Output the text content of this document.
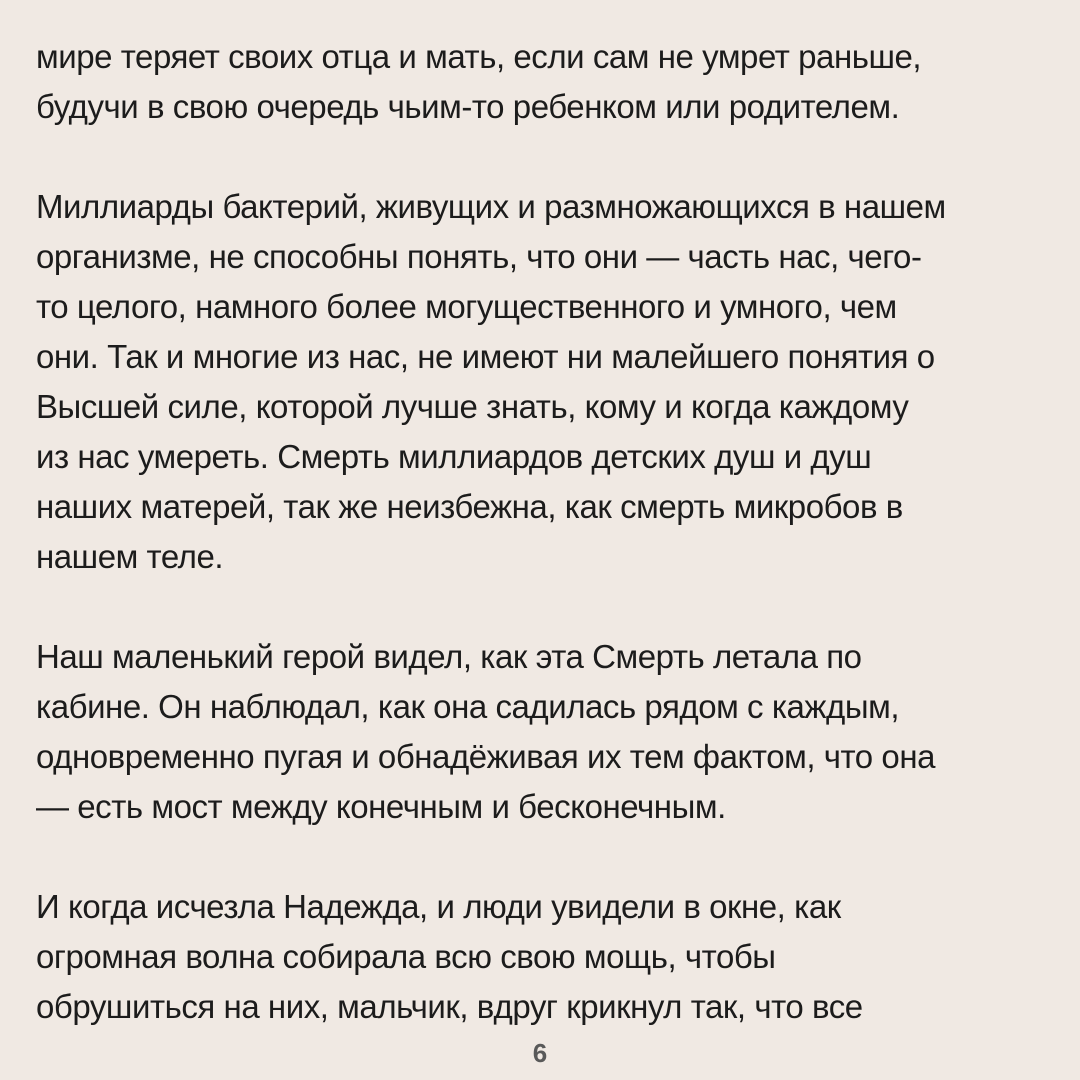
мире теряет своих отца и мать, если сам не умрет раньше,
будучи в свою очередь чьим-то ребенком или родителем.

Миллиарды бактерий, живущих и размножающихся в нашем
организме, не способны понять, что они — часть нас, чего-
то целого, намного более могущественного и умного, чем
они. Так и многие из нас, не имеют ни малейшего понятия о
Высшей силе, которой лучше знать, кому и когда каждому
из нас умереть. Смерть миллиардов детских душ и душ
наших матерей, так же неизбежна, как смерть микробов в
нашем теле.

Наш маленький герой видел, как эта Смерть летала по
кабине. Он наблюдал, как она садилась рядом с каждым,
одновременно пугая и обнадёживая их тем фактом, что она
— есть мост между конечным и бесконечным.

И когда исчезла Надежда, и люди увидели в окне, как
огромная волна собирала всю свою мощь, чтобы
обрушиться на них, мальчик, вдруг крикнул так, что все

6
